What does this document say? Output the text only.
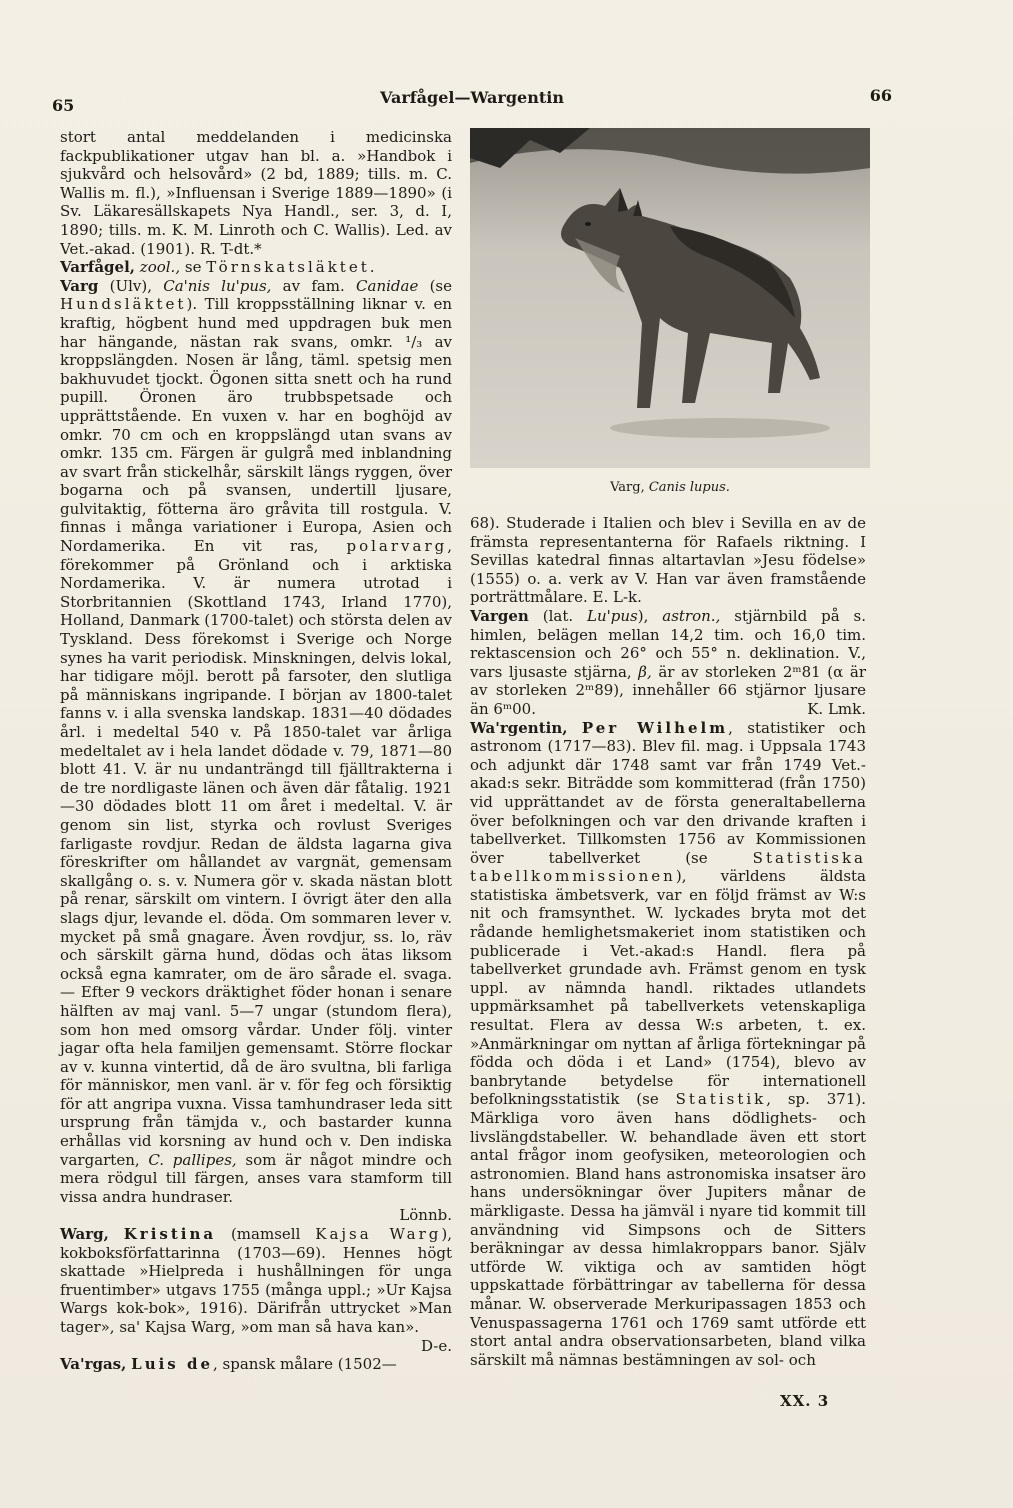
65	Varfågel—Wargentin	66

stort antal meddelanden i medicinska fackpublikationer utgav han bl. a. »Handbok i sjukvård och helsovård» (2 bd, 1889; tills. m. C. Wallis m. fl.), »Influensan i Sverige 1889—1890» (i Sv. Läkaresällskapets Nya Handl., ser. 3, d. I, 1890; tills. m. K. M. Linroth och C. Wallis). Led. av Vet.-akad. (1901). R. T-dt.*

Varfågel, zool., se Törnskatsläktet.

Varg (Ulv), Ca'nis lu'pus, av fam. Canidae (se Hundsläktet). Till kroppsställning liknar v. en kraftig, högbent hund med uppdragen buk men har hängande, nästan rak svans, omkr. ¹/₃ av kroppslängden. Nosen är lång, täml. spetsig men bakhuvudet tjockt. Ögonen sitta snett och ha rund pupill. Öronen äro trubbspetsade och upprättstående. En vuxen v. har en boghöjd av omkr. 70 cm och en kroppslängd utan svans av omkr. 135 cm. Färgen är gulgrå med inblandning av svart från stickelhår, särskilt längs ryggen, över bogarna och på svansen, undertill ljusare, gulvitaktig, fötterna äro gråvita till rostgula. V. finnas i många variationer i Europa, Asien och Nordamerika. En vit ras, polarvarg, förekommer på Grönland och i arktiska Nordamerika. V. är numera utrotad i Storbritannien (Skottland 1743, Irland 1770), Holland, Danmark (1700-talet) och största delen av Tyskland. Dess förekomst i Sverige och Norge synes ha varit periodisk. Minskningen, delvis lokal, har tidigare möjl. berott på farsoter, den slutliga på människans ingripande. I början av 1800-talet fanns v. i alla svenska landskap. 1831—40 dödades årl. i medeltal 540 v. På 1850-talet var årliga medeltalet av i hela landet dödade v. 79, 1871—80 blott 41. V. är nu undanträngd till fjälltrakterna i de tre nordligaste länen och även där fåtalig. 1921—30 dödades blott 11 om året i medeltal. V. är genom sin list, styrka och rovlust Sveriges farligaste rovdjur. Redan de äldsta lagarna giva föreskrifter om hållandet av vargnät, gemensam skallgång o. s. v. Numera gör v. skada nästan blott på renar, särskilt om vintern. I övrigt äter den alla slags djur, levande el. döda. Om sommaren lever v. mycket på små gnagare. Även rovdjur, ss. lo, räv och särskilt gärna hund, dödas och ätas liksom också egna kamrater, om de äro sårade el. svaga. — Efter 9 veckors dräktighet föder honan i senare hälften av maj vanl. 5—7 ungar (stundom flera), som hon med omsorg vårdar. Under följ. vinter jagar ofta hela familjen gemensamt. Större flockar av v. kunna vintertid, då de äro svultna, bli farliga för människor, men vanl. är v. för feg och försiktig för att angripa vuxna. Vissa tamhundraser leda sitt ursprung från tämjda v., och bastarder kunna erhållas vid korsning av hund och v. Den indiska vargarten, C. pallipes, som är något mindre och mera rödgul till färgen, anses vara stamform till vissa andra hundraser.
Lönnb.

Warg, Kristina (mamsell Kajsa Warg), kokboksförfattarinna (1703—69). Hennes högt skattade »Hielpreda i hushållningen för unga fruentimber» utgavs 1755 (många uppl.; »Ur Kajsa Wargs kok-bok», 1916). Därifrån uttrycket »Man tager», sa' Kajsa Warg, »om man så hava kan».
D-e.

Va'rgas, Luis de, spansk målare (1502—

Varg, Canis lupus.

68). Studerade i Italien och blev i Sevilla en av de främsta representanterna för Rafaels riktning. I Sevillas katedral finnas altartavlan »Jesu födelse» (1555) o. a. verk av V. Han var även framstående porträttmålare. E. L-k.

Vargen (lat. Lu'pus), astron., stjärnbild på s. himlen, belägen mellan 14,2 tim. och 16,0 tim. rektascension och 26° och 55° n. deklination. V., vars ljusaste stjärna, β, är av storleken 2ᵐ81 (α är av storleken 2ᵐ89), innehåller 66 stjärnor ljusare än 6ᵐ00.	K. Lmk.

Wa'rgentin, Per Wilhelm, statistiker och astronom (1717—83). Blev fil. mag. i Uppsala 1743 och adjunkt där 1748 samt var från 1749 Vet.-akad:s sekr. Biträdde som kommitterad (från 1750) vid upprättandet av de första generaltabellerna över befolkningen och var den drivande kraften i tabellverket. Tillkomsten 1756 av Kommissionen över tabellverket (se Statistiska tabellkommissionen), världens äldsta statistiska ämbetsverk, var en följd främst av W:s nit och framsynthet. W. lyckades bryta mot det rådande hemlighetsmakeriet inom statistiken och publicerade i Vet.-akad:s Handl. flera på tabellverket grundade avh. Främst genom en tysk uppl. av nämnda handl. riktades utlandets uppmärksamhet på tabellverkets vetenskapliga resultat. Flera av dessa W:s arbeten, t. ex. »Anmärkningar om nyttan af årliga förtekningar på födda och döda i et Land» (1754), blevo av banbrytande betydelse för internationell befolkningsstatistik (se Statistik, sp. 371). Märkliga voro även hans dödlighets- och livslängdstabeller. W. behandlade även ett stort antal frågor inom geofysiken, meteorologien och astronomien. Bland hans astronomiska insatser äro hans undersökningar över Jupiters månar de märkligaste. Dessa ha jämväl i nyare tid kommit till användning vid Simpsons och de Sitters beräkningar av dessa himlakroppars banor. Själv utförde W. viktiga och av samtiden högt uppskattade förbättringar av tabellerna för dessa månar. W. observerade Merkuripassagen 1853 och Venuspassagerna 1761 och 1769 samt utförde ett stort antal andra observationsarbeten, bland vilka särskilt må nämnas bestämningen av sol- och

XX. 3
